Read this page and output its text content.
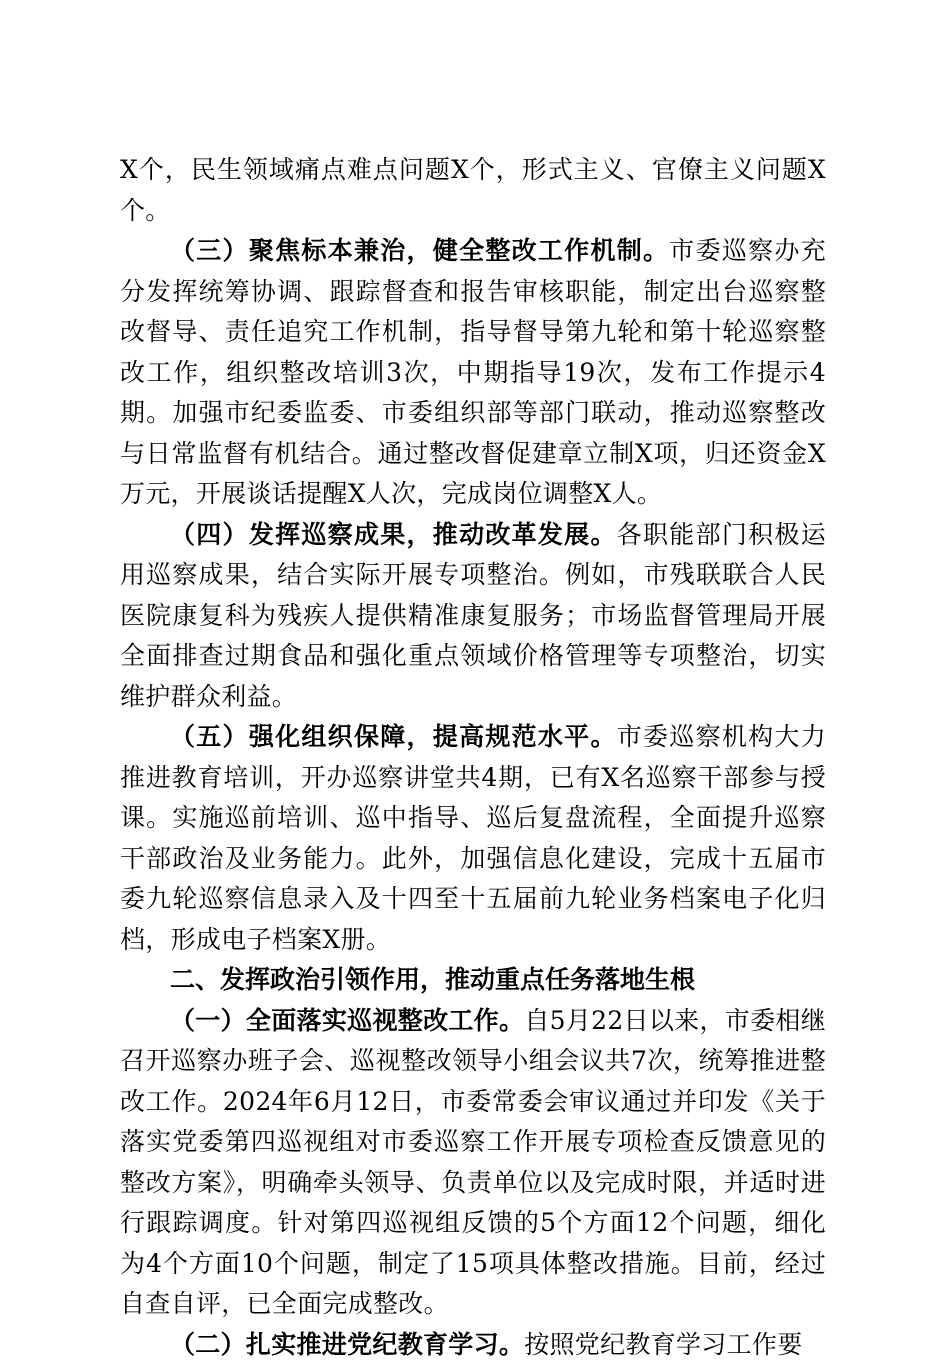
X个，民生领域痛点难点问题X个，形式主义、官僚主义问题X个。

（三）聚焦标本兼治，健全整改工作机制。市委巡察办充分发挥统筹协调、跟踪督查和报告审核职能，制定出台巡察整改督导、责任追究工作机制，指导督导第九轮和第十轮巡察整改工作，组织整改培训3次，中期指导19次，发布工作提示4期。加强市纪委监委、市委组织部等部门联动，推动巡察整改与日常监督有机结合。通过整改督促建章立制X项，归还资金X万元，开展谈话提醒X人次，完成岗位调整X人。

（四）发挥巡察成果，推动改革发展。各职能部门积极运用巡察成果，结合实际开展专项整治。例如，市残联联合人民医院康复科为残疾人提供精准康复服务；市场监督管理局开展全面排查过期食品和强化重点领域价格管理等专项整治，切实维护群众利益。

（五）强化组织保障，提高规范水平。市委巡察机构大力推进教育培训，开办巡察讲堂共4期，已有X名巡察干部参与授课。实施巡前培训、巡中指导、巡后复盘流程，全面提升巡察干部政治及业务能力。此外，加强信息化建设，完成十五届市委九轮巡察信息录入及十四至十五届前九轮业务档案电子化归档，形成电子档案X册。

二、发挥政治引领作用，推动重点任务落地生根

（一）全面落实巡视整改工作。自5月22日以来，市委相继召开巡察办班子会、巡视整改领导小组会议共7次，统筹推进整改工作。2024年6月12日，市委常委会审议通过并印发《关于落实党委第四巡视组对市委巡察工作开展专项检查反馈意见的整改方案》，明确牵头领导、负责单位以及完成时限，并适时进行跟踪调度。针对第四巡视组反馈的5个方面12个问题，细化为4个方面10个问题，制定了15项具体整改措施。目前，经过自查自评，已全面完成整改。

（二）扎实推进党纪教育学习。按照党纪教育学习工作要
